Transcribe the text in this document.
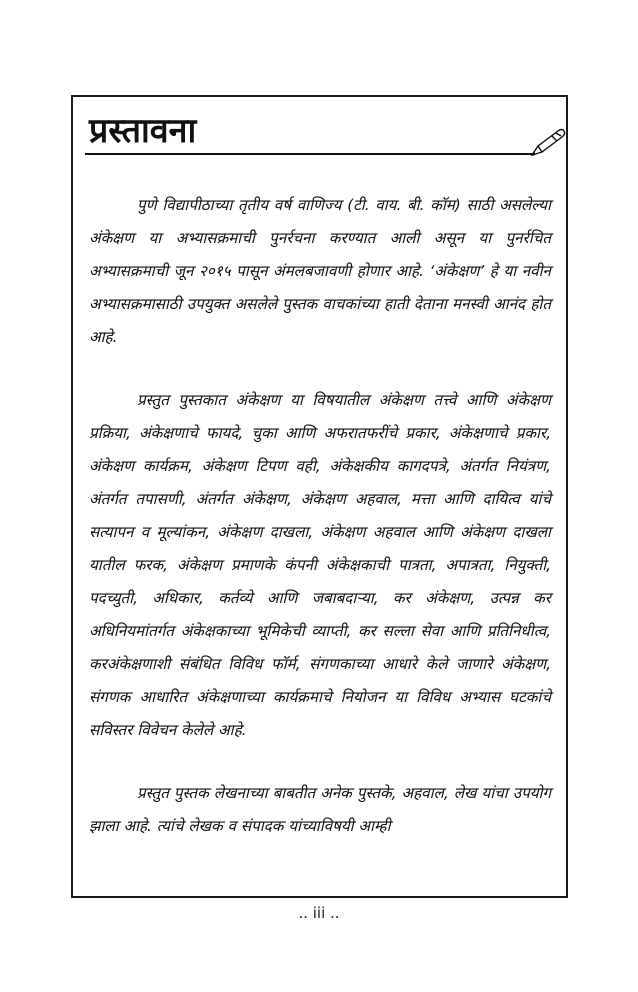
प्रस्तावना

पुणे विद्यापीठाच्या तृतीय वर्ष वाणिज्य (टी. वाय. बी. कॉम) साठी असलेल्या अंकेक्षण या अभ्यासक्रमाची पुनर्रचना करण्यात आली असून या पुनर्रचित अभ्यासक्रमाची जून २०१५ पासून अंमलबजावणी होणार आहे. ‘अंकेक्षण’ हे या नवीन अभ्यासक्रमासाठी उपयुक्त असलेले पुस्तक वाचकांच्या हाती देताना मनस्वी आनंद होत आहे.

प्रस्तुत पुस्तकात अंकेक्षण या विषयातील अंकेक्षण तत्त्वे आणि अंकेक्षण प्रक्रिया, अंकेक्षणाचे फायदे, चुका आणि अफरातफरींचे प्रकार, अंकेक्षणाचे प्रकार, अंकेक्षण कार्यक्रम, अंकेक्षण टिपण वही, अंकेक्षकीय कागदपत्रे, अंतर्गत नियंत्रण, अंतर्गत तपासणी, अंतर्गत अंकेक्षण, अंकेक्षण अहवाल, मत्ता आणि दायित्व यांचे सत्यापन व मूल्यांकन, अंकेक्षण दाखला, अंकेक्षण अहवाल आणि अंकेक्षण दाखला यातील फरक, अंकेक्षण प्रमाणके कंपनी अंकेक्षकाची पात्रता, अपात्रता, नियुक्ती, पदच्युती, अधिकार, कर्तव्ये आणि जबाबदाऱ्या, कर अंकेक्षण, उत्पन्न कर अधिनियमांतर्गत अंकेक्षकाच्या भूमिकेची व्याप्ती, कर सल्ला सेवा आणि प्रतिनिधीत्व, करअंकेक्षणाशी संबंधित विविध फॉर्म, संगणकाच्या आधारे केले जाणारे अंकेक्षण, संगणक आधारित अंकेक्षणाच्या कार्यक्रमाचे नियोजन या विविध अभ्यास घटकांचे सविस्तर विवेचन केलेले आहे.

प्रस्तुत पुस्तक लेखनाच्या बाबतीत अनेक पुस्तके, अहवाल, लेख यांचा उपयोग झाला आहे. त्यांचे लेखक व संपादक यांच्याविषयी आम्ही

.. iii ..
